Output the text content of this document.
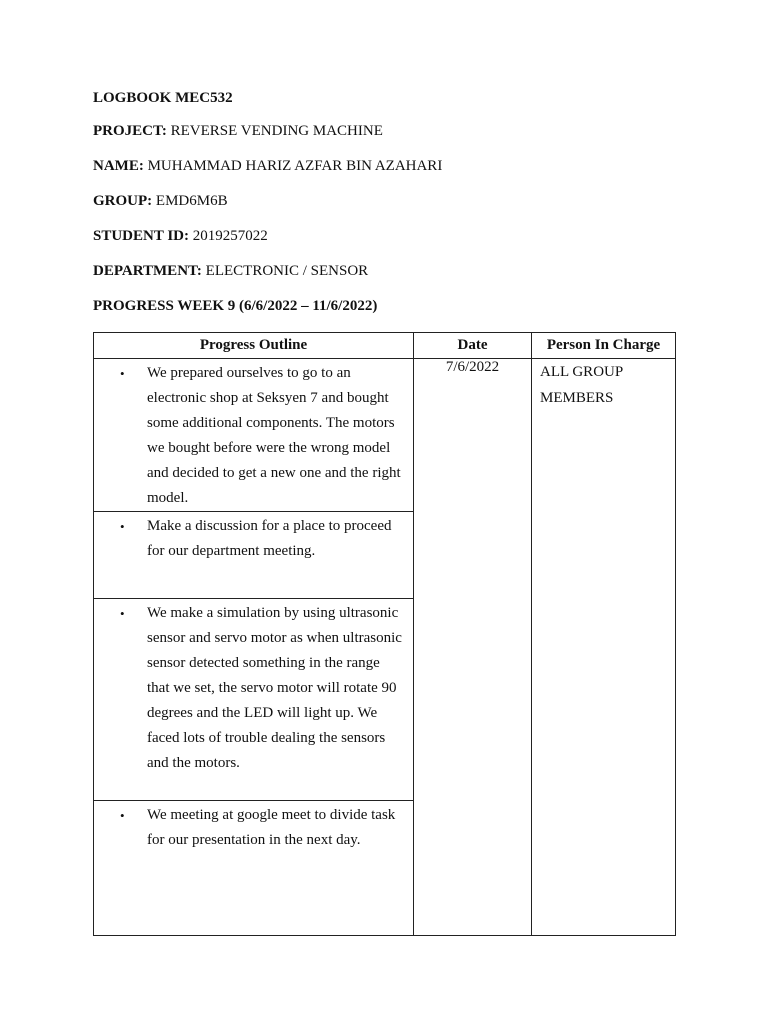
LOGBOOK MEC532
PROJECT: REVERSE VENDING MACHINE
NAME: MUHAMMAD HARIZ AZFAR BIN AZAHARI
GROUP: EMD6M6B
STUDENT ID: 2019257022
DEPARTMENT: ELECTRONIC / SENSOR
PROGRESS WEEK 9 (6/6/2022 – 11/6/2022)
Progress Outline	Date	Person In Charge

• We prepared ourselves to go to an electronic shop at Seksyen 7 and bought some additional components. The motors we bought before were the wrong model and decided to get a new one and the right model.	7/6/2022	ALL GROUP MEMBERS

• Make a discussion for a place to proceed for our department meeting.		

• We make a simulation by using ultrasonic sensor and servo motor as when ultrasonic sensor detected something in the range that we set, the servo motor will rotate 90 degrees and the LED will light up. We faced lots of trouble dealing the sensors and the motors.		

• We meeting at google meet to divide task for our presentation in the next day.		
